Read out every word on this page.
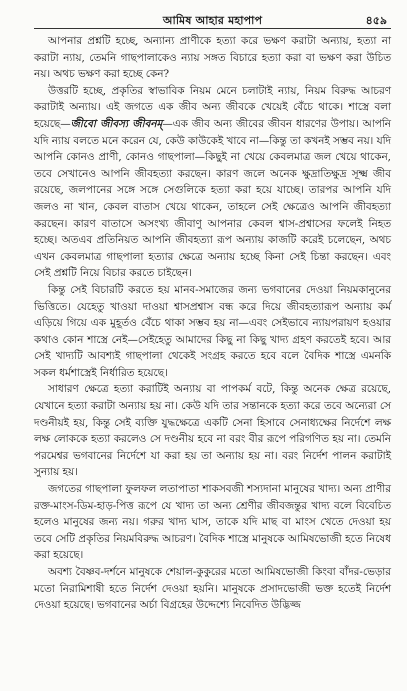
আমিষ আহার মহাপাপ	৪৫৯

আপনার প্রশ্নটি হচ্ছে, অন্যান্য প্রাণীকে হত্যা করে ভক্ষণ করাটা অন্যায়, হত্যা না করাটা ন্যায়, তেমনি গাছপালাকেও ন্যায় সঙ্গত বিচারে হত্যা করা বা ভক্ষণ করা উচিত নয়। অথচ ভক্ষণ করা হচ্ছে কেন?

উত্তরটি হচ্ছে, প্রকৃতির স্বাভাবিক নিয়ম মেনে চলাটাই ন্যায়, নিয়ম বিরুদ্ধ আচরণ করাটাই অন্যায়। এই জগতে এক জীব অন্য জীবকে খেয়েই বেঁচে থাকে। শাস্ত্রে বলা হয়েছে—জীবো জীবস্য জীবনম্—এক জীব অন্য জীবের জীবন ধারণের উপায়। আপনি যদি ন্যায় বলতে মনে করেন যে, কেউ কাউকেই খাবে না—কিন্তু তা কখনই সম্ভব নয়। যদি আপনি কোনও প্রাণী, কোনও গাছপালা—কিছুই না খেয়ে কেবলমাত্র জল খেয়ে থাকেন, তবে সেখানেও আপনি জীবহত্যা করছেন। কারণ জলে অনেক ক্ষুদ্রাতিক্ষুদ্র সূক্ষ্ম জীব রয়েছে, জলপানের সঙ্গে সঙ্গে সেগুলিকে হত্যা করা হয়ে যাচ্ছে। তারপর আপনি যদি জলও না খান, কেবল বাতাস খেয়ে থাকেন, তাহলে সেই ক্ষেত্রেও আপনি জীবহত্যা করছেন। কারণ বাতাসে অসংখ্য জীবাণু আপনার কেবল শ্বাস-প্রশ্বাসের ফলেই নিহত হচ্ছে। অতএব প্রতিনিয়ত আপনি জীবহত্যা রূপ অন্যায় কাজটি করেই চলেছেন, অথচ এখন কেবলমাত্র গাছপালা হত্যার ক্ষেত্রে অন্যায় হচ্ছে কিনা সেই চিন্তা করছেন। এবং সেই প্রশ্নটি নিয়ে বিচার করতে চাইছেন।

কিন্তু সেই বিচারটি করতে হয় মানব-সমাজের জন্য ভগবানের দেওয়া নিয়মকানুনের ভিত্তিতে। যেহেতু খাওয়া দাওয়া শ্বাসপ্রশ্বাস বন্ধ করে দিয়ে জীবহত্যারূপ অন্যায় কর্ম এড়িয়ে গিয়ে এক মুহূর্তও বেঁচে থাকা সম্ভব হয় না—এবং সেইভাবে ন্যায়পরায়ণ হওয়ার কথাও কোন শাস্ত্রে নেই—সেইহেতু আমাদের কিছু না কিছু খাদ্য গ্রহণ করতেই হবে। আর সেই খাদ্যটি আবশ্যই গাছপালা থেকেই সংগ্রহ করতে হবে বলে বৈদিক শাস্ত্রে এমনকি সকল ধর্মশাস্ত্রেই নির্ধারিত হয়েছে।

সাধারণ ক্ষেত্রে হত্যা করাটিই অন্যায় বা পাপকর্ম বটে, কিন্তু অনেক ক্ষেত্র রয়েছে, যেখানে হত্যা করাটা অন্যায় হয় না। কেউ যদি তার সন্তানকে হত্যা করে তবে অন্যেরা সে দণ্ডনীয়ই হয়, কিন্তু সেই ব্যক্তি যুদ্ধক্ষেত্রে একটি সেনা হিসাবে সেনাধ্যক্ষের নির্দেশে লক্ষ লক্ষ লোককে হত্যা করলেও সে দণ্ডনীয় হবে না বরং বীর রূপে পরিগণিত হয় না। তেমনি পরমেশ্বর ভগবানের নির্দেশে যা করা হয় তা অন্যায় হয় না। বরং নির্দেশ পালন করাটাই সুন্যায় হয়।

জগতের গাছপালা ফুলফল লতাপাতা শাকসবজী শস্যদানা মানুষের খাদ্য। অন্য প্রাণীর রক্ত-মাংস-ডিম-হাড়-পিত্ত রূপে যে খাদ্য তা অন্য শ্রেণীর জীবজন্তুর খাদ্য বলে বিবেচিত হলেও মানুষের জন্য নয়। গরুর খাদ্য ঘাস, তাকে যদি মাছ বা মাংস খেতে দেওয়া হয় তবে সেটি প্রকৃতির নিয়মবিরুদ্ধ আচরণ। বৈদিক শাস্ত্রে মানুষকে আমিষভোজী হতে নিষেধ করা হয়েছে।

অবশ্য বৈষ্ণব-দর্শনে মানুষকে শেয়াল-কুকুরের মতো আমিষভোজী কিংবা বাঁদর-ভেড়ার মতো নিরামিশাষী হতে নির্দেশ দেওয়া হয়নি। মানুষকে প্রসাদভোজী ভক্ত হতেই নির্দেশ দেওয়া হয়েছে। ভগবানের অর্চা বিগ্রহের উদ্দেশ্যে নিবেদিত উদ্ভিজ্জ
